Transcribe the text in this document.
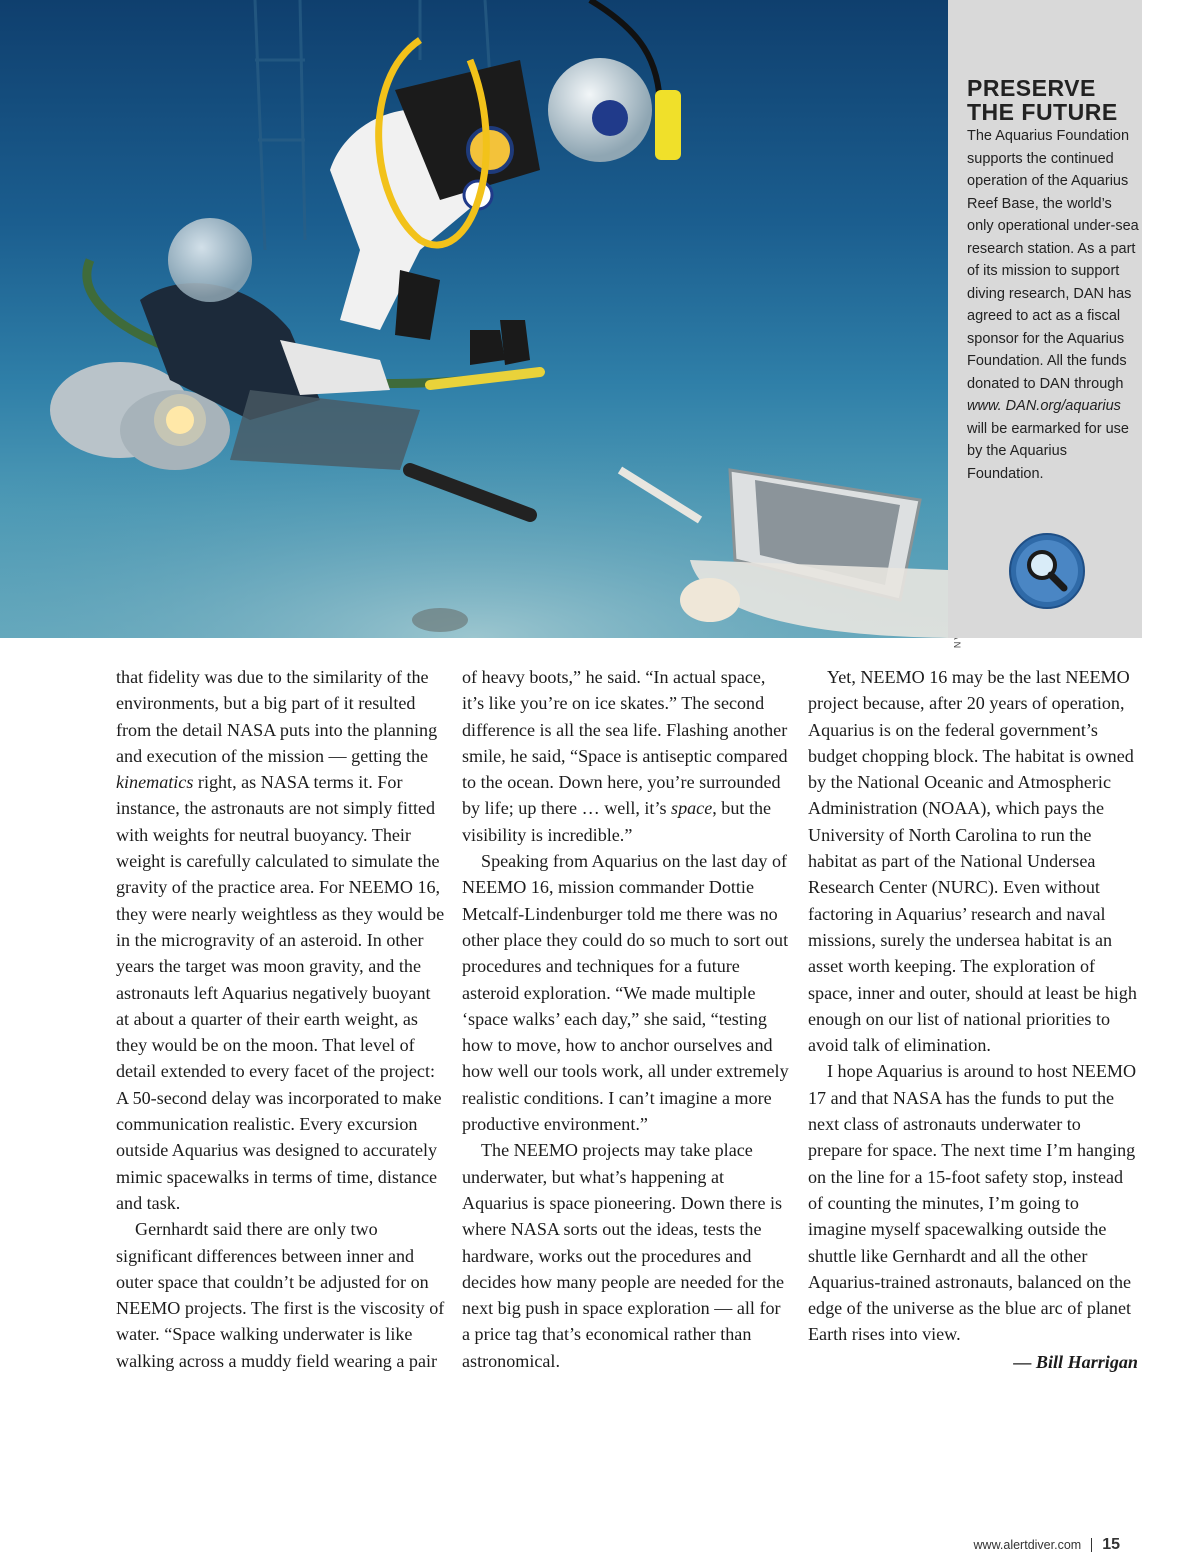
PRESERVE
THE FUTURE

The Aquarius Foundation supports the continued operation of the Aquarius Reef Base, the world’s only operational under-sea research station. As a part of its mission to support diving research, DAN has agreed to act as a fiscal sponsor for the Aquarius Foundation. All the funds donated to DAN through www. DAN.org/aquarius will be earmarked for use by the Aquarius Foundation.

that fidelity was due to the similarity of the environments, but a big part of it resulted from the detail NASA puts into the planning and execution of the mission — getting the kinematics right, as NASA terms it. For instance, the astronauts are not simply fitted with weights for neutral buoyancy. Their weight is carefully calculated to simulate the gravity of the practice area. For NEEMO 16, they were nearly weightless as they would be in the microgravity of an asteroid. In other years the target was moon gravity, and the astronauts left Aquarius negatively buoyant at about a quarter of their earth weight, as they would be on the moon. That level of detail extended to every facet of the project: A 50-second delay was incorporated to make communication realistic. Every excursion outside Aquarius was designed to accurately mimic spacewalks in terms of time, distance and task.

Gernhardt said there are only two significant differences between inner and outer space that couldn’t be adjusted for on NEEMO projects. The first is the viscosity of water. “Space walking underwater is like walking across a muddy field wearing a pair

of heavy boots,” he said. “In actual space, it’s like you’re on ice skates.” The second difference is all the sea life. Flashing another smile, he said, “Space is antiseptic compared to the ocean. Down here, you’re surrounded by life; up there … well, it’s space, but the visibility is incredible.”

Speaking from Aquarius on the last day of NEEMO 16, mission commander Dottie Metcalf-Lindenburger told me there was no other place they could do so much to sort out procedures and techniques for a future asteroid exploration. “We made multiple ‘space walks’ each day,” she said, “testing how to move, how to anchor ourselves and how well our tools work, all under extremely realistic conditions. I can’t imagine a more productive environment.”

The NEEMO projects may take place underwater, but what’s happening at Aquarius is space pioneering. Down there is where NASA sorts out the ideas, tests the hardware, works out the procedures and decides how many people are needed for the next big push in space exploration — all for a price tag that’s economical rather than astronomical.

Yet, NEEMO 16 may be the last NEEMO project because, after 20 years of operation, Aquarius is on the federal government’s budget chopping block. The habitat is owned by the National Oceanic and Atmospheric Administration (NOAA), which pays the University of North Carolina to run the habitat as part of the National Undersea Research Center (NURC). Even without factoring in Aquarius’ research and naval missions, surely the undersea habitat is an asset worth keeping. The exploration of space, inner and outer, should at least be high enough on our list of national priorities to avoid talk of elimination.

I hope Aquarius is around to host NEEMO 17 and that NASA has the funds to put the next class of astronauts underwater to prepare for space. The next time I’m hanging on the line for a 15-foot safety stop, instead of counting the minutes, I’m going to imagine myself spacewalking outside the shuttle like Gernhardt and all the other Aquarius-trained astronauts, balanced on the edge of the universe as the blue arc of planet Earth rises into view.

— Bill Harrigan

www.alertdiver.com 15
